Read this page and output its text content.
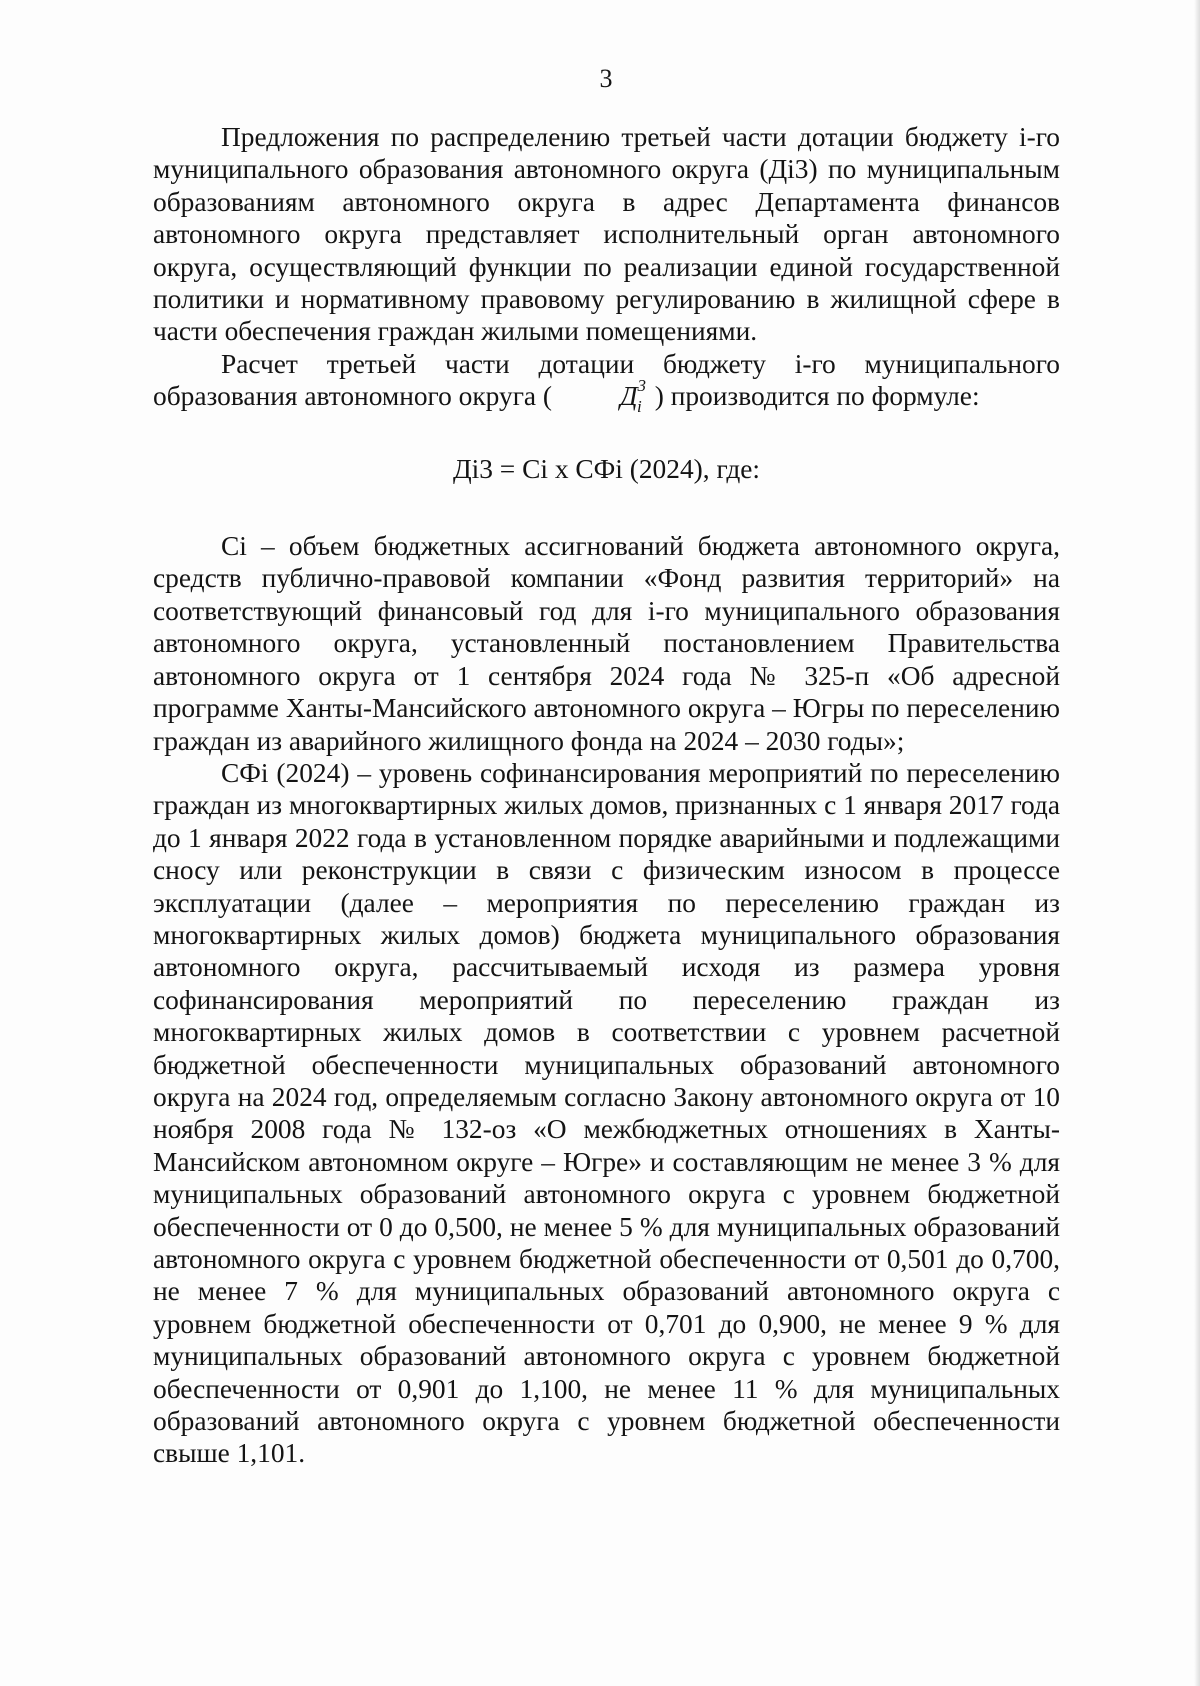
3

Предложения по распределению третьей части дотации бюджету i-го муниципального образования автономного округа (Дi3) по муниципальным образованиям автономного округа в адрес Департамента финансов автономного округа представляет исполнительный орган автономного округа, осуществляющий функции по реализации единой государственной политики и нормативному правовому регулированию в жилищной сфере в части обеспечения граждан жилыми помещениями.

Расчет третьей части дотации бюджету i-го муниципального образования автономного округа ( $Д^3_i$ ) производится по формуле:

Дi3 = Ci х СФi (2024), где:

Ci – объем бюджетных ассигнований бюджета автономного округа, средств публично-правовой компании «Фонд развития территорий» на соответствующий финансовый год для i-го муниципального образования автономного округа, установленный постановлением Правительства автономного округа от 1 сентября 2024 года № 325-п «Об адресной программе Ханты-Мансийского автономного округа – Югры по переселению граждан из аварийного жилищного фонда на 2024 – 2030 годы»;

СФi (2024) – уровень софинансирования мероприятий по переселению граждан из многоквартирных жилых домов, признанных с 1 января 2017 года до 1 января 2022 года в установленном порядке аварийными и подлежащими сносу или реконструкции в связи с физическим износом в процессе эксплуатации (далее – мероприятия по переселению граждан из многоквартирных жилых домов) бюджета муниципального образования автономного округа, рассчитываемый исходя из размера уровня софинансирования мероприятий по переселению граждан из многоквартирных жилых домов в соответствии с уровнем расчетной бюджетной обеспеченности муниципальных образований автономного округа на 2024 год, определяемым согласно Закону автономного округа от 10 ноября 2008 года № 132-оз «О межбюджетных отношениях в Ханты-Мансийском автономном округе – Югре» и составляющим не менее 3 % для муниципальных образований автономного округа с уровнем бюджетной обеспеченности от 0 до 0,500, не менее 5 % для муниципальных образований автономного округа с уровнем бюджетной обеспеченности от 0,501 до 0,700, не менее 7 % для муниципальных образований автономного округа с уровнем бюджетной обеспеченности от 0,701 до 0,900, не менее 9 % для муниципальных образований автономного округа с уровнем бюджетной обеспеченности от 0,901 до 1,100, не менее 11 % для муниципальных образований автономного округа с уровнем бюджетной обеспеченности свыше 1,101.
